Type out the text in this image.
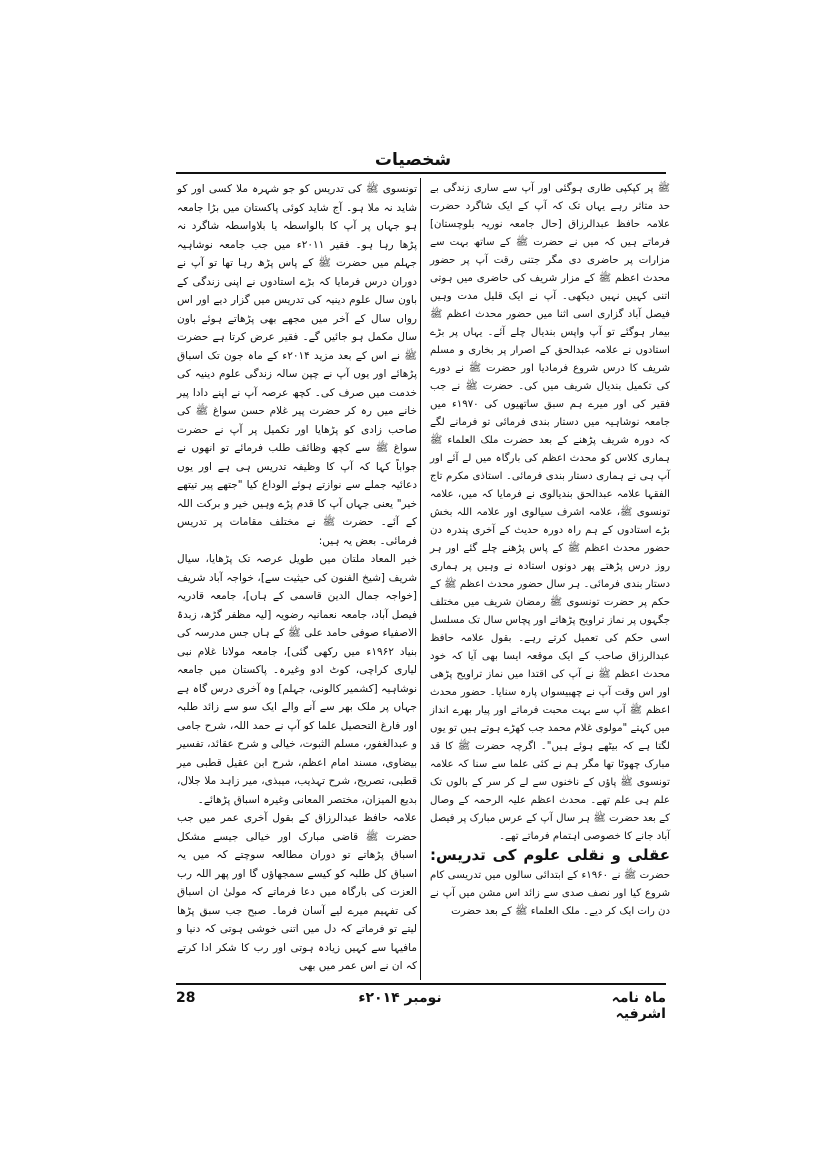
شخصیات

ﷺ پر کپکپی طاری ہوگئی اور آپ سے ساری زندگی بے حد متاثر رہے یہاں تک کہ آپ کے ایک شاگرد حضرت علامہ حافظ عبدالرزاق [حال جامعہ نوریہ بلوچستان] فرماتے ہیں کہ میں نے حضرت ﷺ کے ساتھ بہت سے مزارات پر حاضری دی مگر جتنی رقت آپ پر حضور محدث اعظم ﷺ کے مزار شریف کی حاضری میں ہوتی اتنی کہیں نہیں دیکھی۔ آپ نے ایک قلیل مدت وہیں فیصل آباد گزاری اسی اثنا میں حضور محدث اعظم ﷺ بیمار ہوگئے تو آپ واپس بندیال چلے آئے۔ یہاں پر بڑے استادوں نے علامہ عبدالحق کے اصرار پر بخاری و مسلم شریف کا درس شروع فرمادیا اور حضرت ﷺ نے دورے کی تکمیل بندیال شریف میں کی۔ حضرت ﷺ نے جب فقیر کی اور میرے ہم سبق ساتھیوں کی ۱۹۷۰ء میں جامعہ نوشاہیہ میں دستار بندی فرمائی تو فرمانے لگے کہ دورہ شریف پڑھنے کے بعد حضرت ملک العلماء ﷺ ہماری کلاس کو محدث اعظم کی بارگاہ میں لے آئے اور آپ ہی نے ہماری دستار بندی فرمائی۔ استاذی مکرم تاج الفقہا علامہ عبدالحق بندیالوی نے فرمایا کہ میں، علامہ تونسوی ﷺ، علامہ اشرف سیالوی اور علامہ اللہ بخش بڑے استادوں کے ہم راہ دورہ حدیث کے آخری پندرہ دن حضور محدث اعظم ﷺ کے پاس پڑھنے چلے گئے اور ہر روز درس پڑھتے پھر دونوں استادہ نے وہیں پر ہماری دستار بندی فرمائی۔ ہر سال حضور محدث اعظم ﷺ کے حکم پر حضرت تونسوی ﷺ رمضان شریف میں مختلف جگہوں پر نماز تراویح پڑھاتے اور پچاس سال تک مسلسل اسی حکم کی تعمیل کرتے رہے۔ بقول علامہ حافظ عبدالرزاق صاحب کے ایک موقعہ ایسا بھی آیا کہ خود محدث اعظم ﷺ نے آپ کی اقتدا میں نماز تراویح پڑھی اور اس وقت آپ نے چھبیسواں پارہ سنایا۔ حضور محدث اعظم ﷺ آپ سے بہت محبت فرماتے اور پیار بھرے انداز میں کہتے "مولوی غلام محمد جب کھڑے ہوتے ہیں تو یوں لگتا ہے کہ بیٹھے ہوئے ہیں"۔ اگرچہ حضرت ﷺ کا قد مبارک چھوٹا تھا مگر ہم نے کئی علما سے سنا کہ علامہ تونسوی ﷺ پاؤں کے ناخنوں سے لے کر سر کے بالوں تک علم ہی علم تھے۔ محدث اعظم علیہ الرحمہ کے وصال کے بعد حضرت ﷺ ہر سال آپ کے عرس مبارک پر فیصل آباد جانے کا خصوصی اہتمام فرماتے تھے۔

عقلی و نقلی علوم کی تدریس: حضرت ﷺ نے ۱۹۶۰ء کے ابتدائی سالوں میں تدریسی کام شروع کیا اور نصف صدی سے زائد اس مشن میں آپ نے دن رات ایک کر دیے۔ ملک العلماء ﷺ کے بعد حضرت

تونسوی ﷺ کی تدریس کو جو شہرہ ملا کسی اور کو شاید نہ ملا ہو۔ آج شاید کوئی پاکستان میں بڑا جامعہ ہو جہاں پر آپ کا بالواسطہ یا بلاواسطہ شاگرد نہ پڑھا رہا ہو۔ فقیر ۲۰۱۱ء میں جب جامعہ نوشاہیہ جہلم میں حضرت ﷺ کے پاس پڑھ رہا تھا تو آپ نے دوران درس فرمایا کہ بڑے استادوں نے اپنی زندگی کے باون سال علوم دینیہ کی تدریس میں گزار دیے اور اس رواں سال کے آخر میں مجھے بھی پڑھاتے ہوئے باون سال مکمل ہو جائیں گے۔ فقیر عرض کرتا ہے حضرت ﷺ نے اس کے بعد مزید ۲۰۱۴ء کے ماہ جون تک اسباق پڑھائے اور یوں آپ نے چپن سالہ زندگی علوم دینیہ کی خدمت میں صرف کی۔ کچھ عرصہ آپ نے اپنے دادا پیر خانے میں رہ کر حضرت پیر غلام حسن سواغ ﷺ کی صاحب زادی کو پڑھایا اور تکمیل پر آپ نے حضرت سواغ ﷺ سے کچھ وظائف طلب فرمائے تو انھوں نے جواباً کہا کہ آپ کا وظیفہ تدریس ہی ہے اور یوں دعائیہ جملے سے نوازتے ہوئے الوداع کیا "جتھے پیر تیتھے خیر" یعنی جہاں آپ کا قدم پڑے وہیں خیر و برکت اللہ کے آئے۔ حضرت ﷺ نے مختلف مقامات پر تدریس فرمائی۔ بعض یہ ہیں:

خیر المعاد ملتان میں طویل عرصہ تک پڑھایا، سیال شریف [شیخ الفنون کی حیثیت سے]، خواجہ آباد شریف [خواجہ جمال الدین قاسمی کے ہاں]، جامعہ قادریہ فیصل آباد، جامعہ نعمانیہ رضویہ [لیہ مظفر گڑھ، زبدۃ الاصفیاء صوفی حامد علی ﷺ کے ہاں جس مدرسہ کی بنیاد ۱۹۶۲ء میں رکھی گئی]، جامعہ مولانا غلام نبی لیاری کراچی، کوٹ ادو وغیرہ۔ پاکستان میں جامعہ نوشاہیہ [کشمیر کالونی، جہلم] وہ آخری درس گاہ ہے جہاں پر ملک بھر سے آنے والے ایک سو سے زائد طلبہ اور فارغ التحصیل علما کو آپ نے حمد اللہ، شرح جامی و عبدالغفور، مسلم الثبوت، خیالی و شرح عقائد، تفسیر بیضاوی، مسند امام اعظم، شرح ابن عقیل قطبی میر قطبی، تصریح، شرح تہذیب، میبذی، میر زاہد ملا جلال، بدیع المیزان، مختصر المعانی وغیرہ اسباق پڑھائے۔

علامہ حافظ عبدالرزاق کے بقول آخری عمر میں جب حضرت ﷺ قاضی مبارک اور خیالی جیسے مشکل اسباق پڑھاتے تو دوران مطالعہ سوچتے کہ میں یہ اسباق کل طلبہ کو کیسے سمجھاؤں گا اور پھر اللہ رب العزت کی بارگاہ میں دعا فرماتے کہ مولیٰ ان اسباق کی تفہیم میرے لیے آسان فرما۔ صبح جب سبق پڑھا لیتے تو فرماتے کہ دل میں اتنی خوشی ہوتی کہ دنیا و مافیہا سے کہیں زیادہ ہوتی اور رب کا شکر ادا کرتے کہ ان نے اس عمر میں بھی

ماہ نامہ اشرفیہ
نومبر ۲۰۱۴ء
28
